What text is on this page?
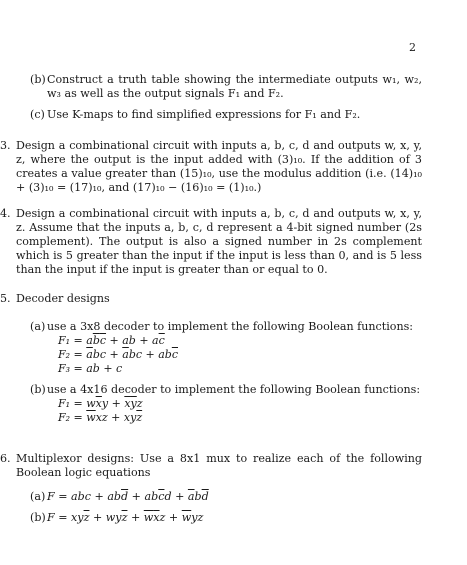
2
(b) Construct a truth table showing the intermediate outputs w₁, w₂, w₃ as well as the output signals F₁ and F₂.
(c) Use K-maps to find simplified expressions for F₁ and F₂.
3. Design a combinational circuit with inputs a, b, c, d and outputs w, x, y, z, where the output is the input added with (3)₁₀. If the addition of 3 creates a value greater than (15)₁₀, use the modulus addition (i.e. (14)₁₀ + (3)₁₀ = (17)₁₀, and (17)₁₀ − (16)₁₀ = (1)₁₀.)
4. Design a combinational circuit with inputs a, b, c, d and outputs w, x, y, z. Assume that the inputs a, b, c, d represent a 4-bit signed number (2s complement). The output is also a signed number in 2s complement which is 5 greater than the input if the input is less than 0, and is 5 less than the input if the input is greater than or equal to 0.
5. Decoder designs
(a) use a 3x8 decoder to implement the following Boolean functions:
$F_1 = a\overline{b}\overline{c}$ + ab + $a\overline{c}$
$F_2 = \overline{a}bc + \overline{a}bc + ab\overline{c}$
F₃ = ab + c
(b) use a 4x16 decoder to implement the following Boolean functions:
$F_1 = w\overline{x}y + \overline{x}\overline{y}z$
$F_2 = \overline{w}xz + xy\overline{z}$
6. Multiplexor designs: Use a 8x1 mux to realize each of the following Boolean logic equations
(a) F = abc + $ab\overline{d} + ab\overline{c}d + \overline{a}b\overline{d}$
(b) $F = xy\overline{z} + wy\overline{z} + \overline{w}\overline{x}z + \overline{w}yz$
